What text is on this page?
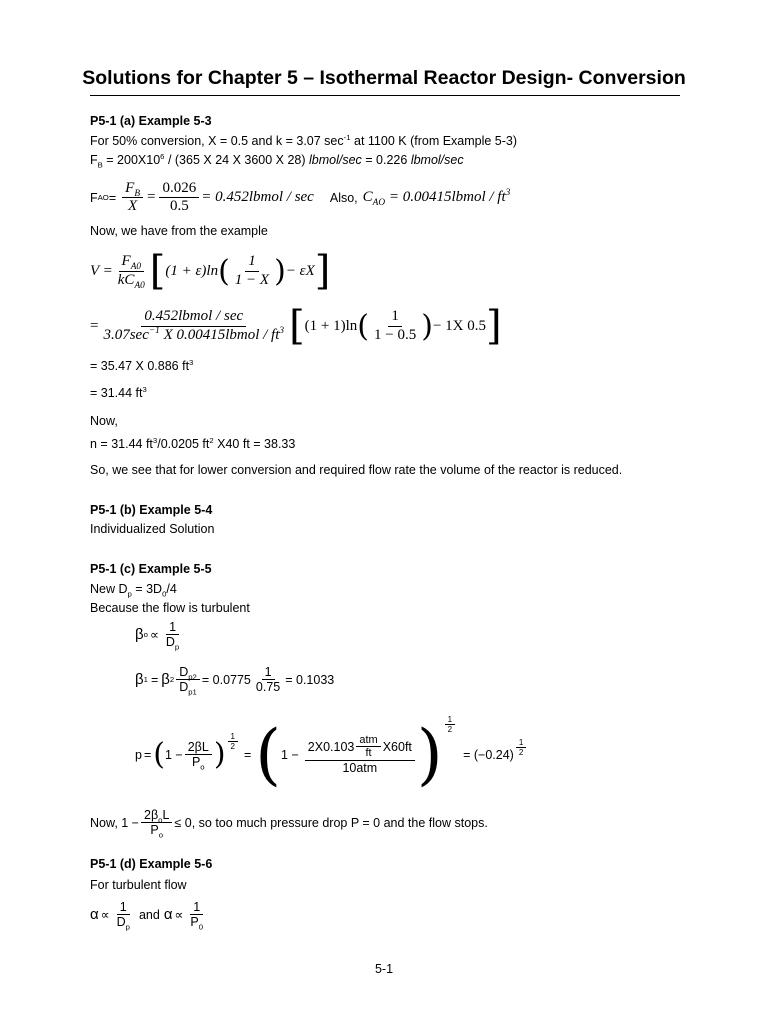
Solutions for Chapter 5 – Isothermal Reactor Design- Conversion
P5-1 (a) Example 5-3
For 50% conversion, X = 0.5 and k = 3.07 $\sec^{-1}$ at 1100 K (from Example 5-3)
$F_B = 200X10^6 / (365$ X 24 X 3600 X 28) lbmol/sec = 0.226 lbmol/sec
F AO = $\frac{F_B}{X} = \frac{0.026}{0.5}$ = 0.452lbmol / sec Also, $C_{AO}$ = 0.00415lbmol / $ft^3$
Now, we have from the example
$V = \frac{F_{A0}}{kC_{A0}}$ [ (1 + ε)ln ( $\frac{1}{1 - X}$ ) − εX ]
= $\frac{\text{0.452lbmol / sec}}{3.07\sec^{-1} X 0.00415lbmol / ft^3}$ [ (1 + 1)ln ( $\frac{1}{1 - 0.5}$ ) − 1X 0.5 ]
= 35.47 X 0.886 $ft^3$
= 31.44 $ft^3$
Now,
n = 31.44 $ft^3/0.0205$ $ft^2$ X40 ft = 38.33
So, we see that for lower conversion and required flow rate the volume of the reactor is reduced.
P5-1 (b) Example 5-4
Individualized Solution
P5-1 (c) Example 5-5
New $D_p = 3D_0/4$
Because the flow is turbulent
β $o \propto \frac{1}{D_p}$
β 1 = β $2 \frac{D_{p2}}{D_{p1}} = 0.0775 \frac{1}{0.75} = 0.1033$
p = ( $1 - \frac{2\beta L}{P_o}$ ) $\frac{1}{2}$
= ( $1 - \frac{2X0.103 \frac{\text{atm}}{ft} X60ft}{\text{10atm}}$ ) $\frac{1}{2}$
= $(-0.24) \frac{1}{2}$
Now, $1 - \frac{2\beta_oL}{P_o} \le 0$ , so too much pressure drop P = 0 and the flow stops.
P5-1 (d) Example 5-6
For turbulent flow
$\alpha \propto \frac{1}{D_p}$ and $\alpha \propto \frac{1}{P_0}$
5-1
